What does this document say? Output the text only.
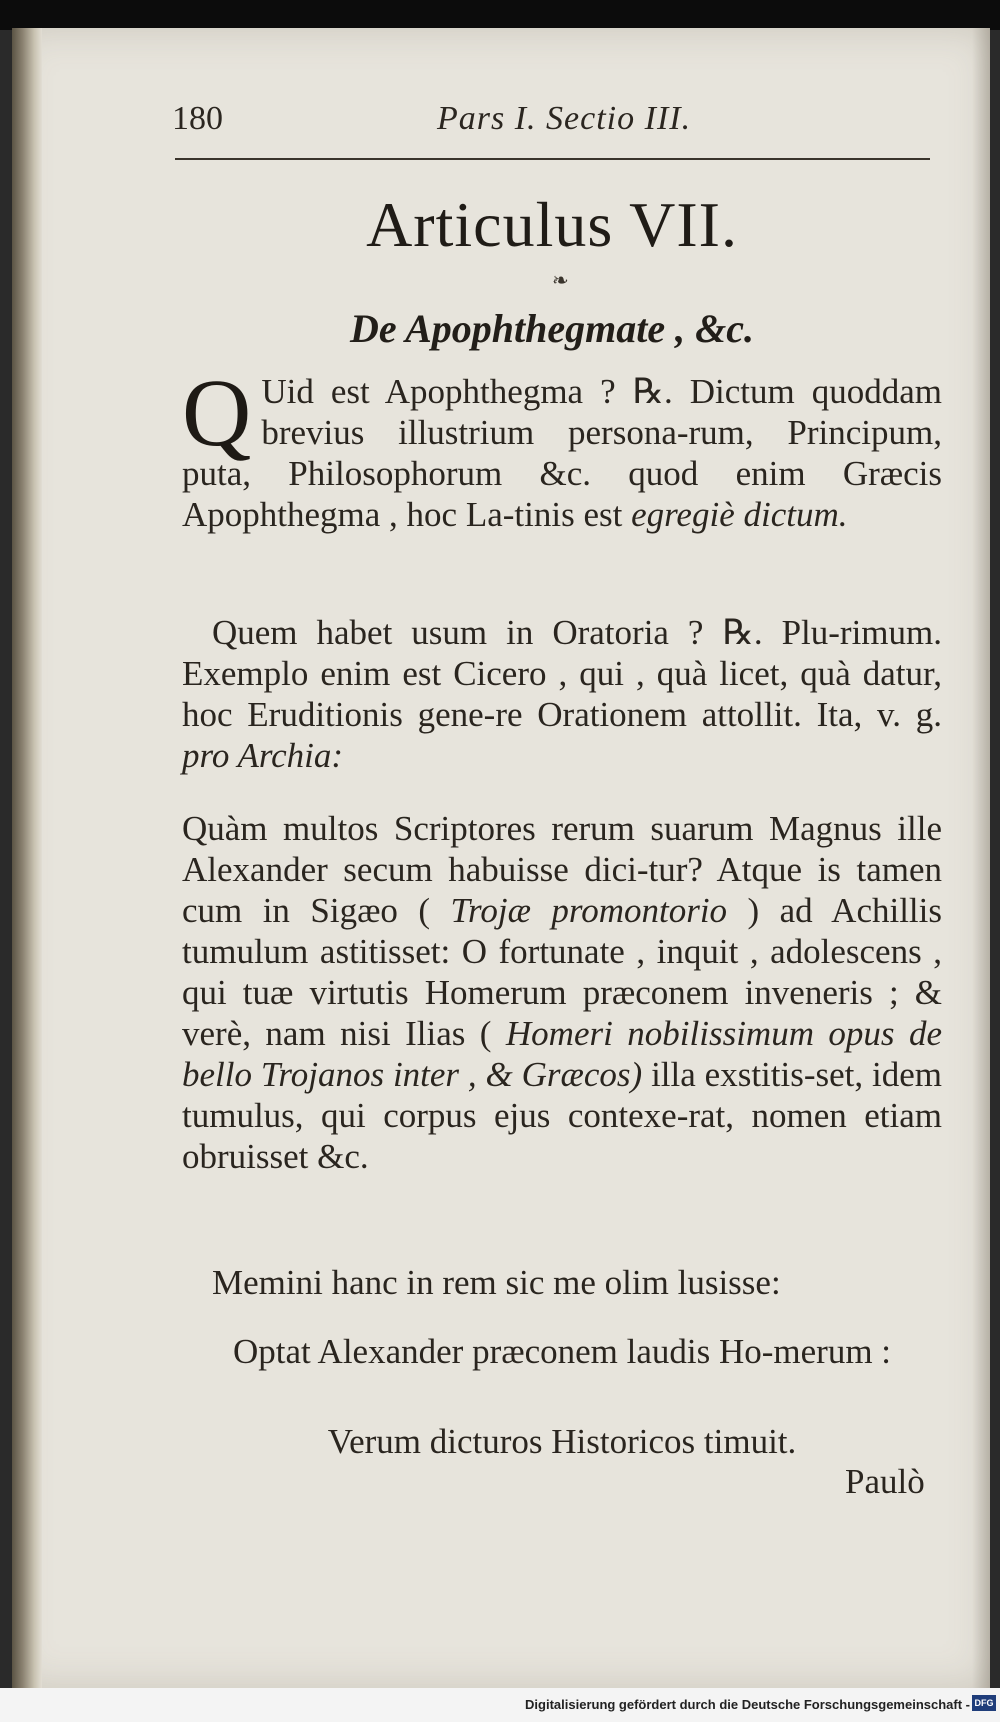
180	Pars I. Sectio III.
Articulus VII.
❧
De Apophthegmate , &c.
Q Uid est Apophthegma ? ℞. Dictum quoddam brevius illustrium persona-rum, Principum, puta, Philosophorum &c. quod enim Græcis Apophthegma , hoc La-tinis est egregiè dictum.
Quem habet usum in Oratoria ? ℞. Plu-rimum. Exemplo enim est Cicero , qui , quà licet, quà datur, hoc Eruditionis gene-re Orationem attollit. Ita, v. g. pro Archia:
Quàm multos Scriptores rerum suarum Magnus ille Alexander secum habuisse dici-tur? Atque is tamen cum in Sigæo ( Trojæ promontorio ) ad Achillis tumulum astitisset: O fortunate , inquit , adolescens , qui tuæ virtutis Homerum præconem inveneris ; & verè, nam nisi Ilias ( Homeri nobilissimum opus de bello Trojanos inter , & Græcos) illa exstitis-set, idem tumulus, qui corpus ejus contexe-rat, nomen etiam obruisset &c.
Memini hanc in rem sic me olim lusisse:
Optat Alexander præconem laudis Ho-merum :
Verum dicturos Historicos timuit.
Paulò
Digitalisierung gefördert durch die Deutsche Forschungsgemeinschaft - DFG
